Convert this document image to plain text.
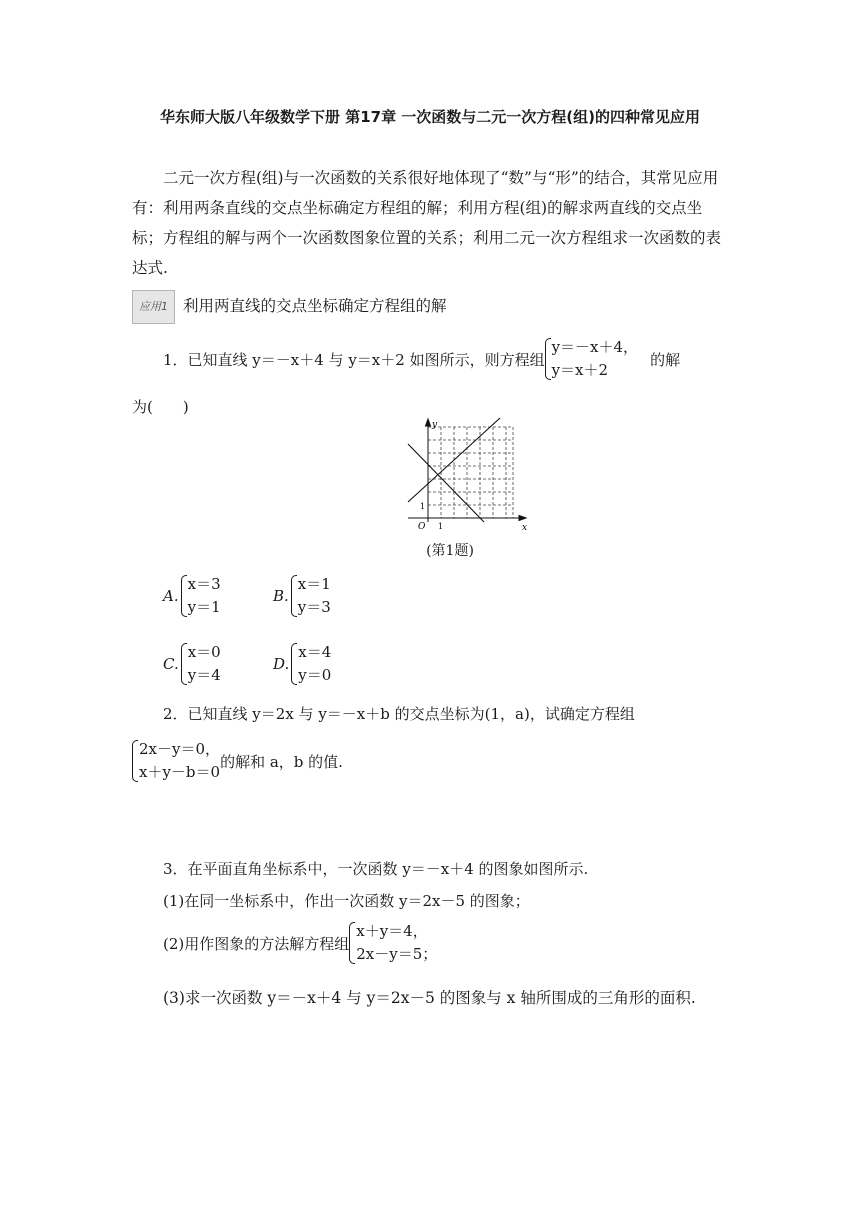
华东师大版八年级数学下册 第17章 一次函数与二元一次方程(组)的四种常见应用
二元一次方程(组)与一次函数的关系很好地体现了“数”与“形”的结合，其常见应用有：利用两条直线的交点坐标确定方程组的解；利用方程(组)的解求两直线的交点坐标；方程组的解与两个一次函数图象位置的关系；利用二元一次方程组求一次函数的表达式.
应用1 利用两直线的交点坐标确定方程组的解
1．已知直线 y＝－x＋4 与 y＝x＋2 如图所示，则方程组
y＝－x＋4，
y＝x＋2
的解
为(　　)
y
x
O 1
1
(第1题)
A.
x＝3
y＝1
B.
x＝1
y＝3
C.
x＝0
y＝4
D.
x＝4
y＝0
2．已知直线 y＝2x 与 y＝－x＋b 的交点坐标为(1，a)，试确定方程组
2x－y＝0，
x＋y－b＝0
的解和 a，b 的值.
3．在平面直角坐标系中，一次函数 y＝－x＋4 的图象如图所示.
(1)在同一坐标系中，作出一次函数 y＝2x－5 的图象；
(2)用作图象的方法解方程组
x＋y＝4，
2x－y＝5；
(3)求一次函数 y＝－x＋4 与 y＝2x－5 的图象与 x 轴所围成的三角形的面积.
